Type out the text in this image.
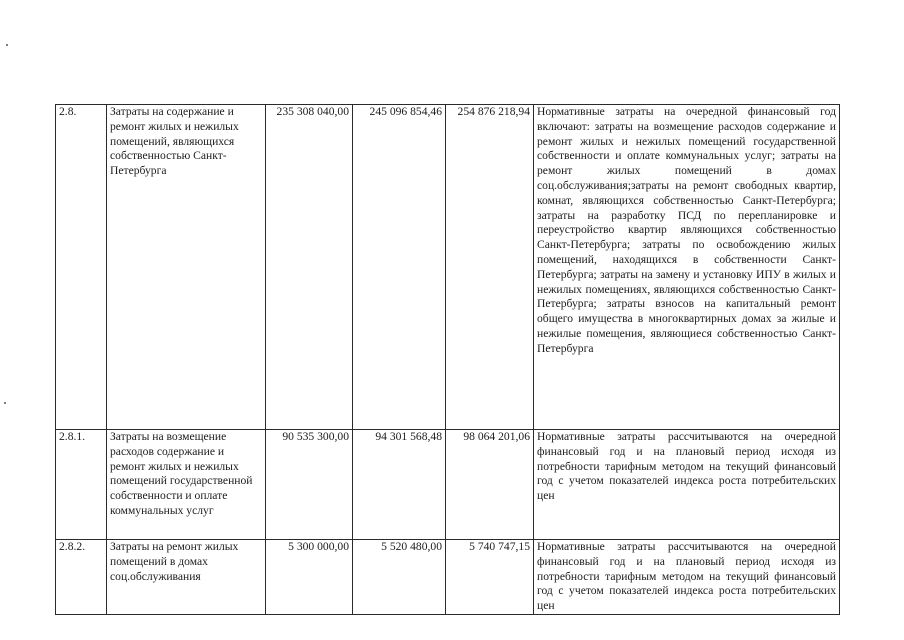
2.8.	Затраты на содержание и ремонт жилых и нежилых помещений, являющихся собственностью Санкт-Петербурга	235 308 040,00	245 096 854,46	254 876 218,94	Нормативные затраты на очередной финансовый год включают: затраты на возмещение расходов содержание и ремонт жилых и нежилых помещений государственной собственности и оплате коммунальных услуг; затраты на ремонт жилых помещений в домах соц.обслуживания;затраты на ремонт свободных квартир, комнат, являющихся собственностью Санкт-Петербурга; затраты на разработку ПСД по перепланировке и переустройство квартир являющихся собственностью Санкт-Петербурга; затраты по освобождению жилых помещений, находящихся в собственности Санкт-Петербурга; затраты на замену и установку ИПУ в жилых и нежилых помещениях, являющихся собственностью Санкт-Петербурга; затраты взносов на капитальный ремонт общего имущества в многоквартирных домах за жилые и нежилые помещения, являющиеся собственностью Санкт-Петербурга
2.8.1.	Затраты на возмещение расходов содержание и ремонт жилых и нежилых помещений государственной собственности и оплате коммунальных услуг	90 535 300,00	94 301 568,48	98 064 201,06	Нормативные затраты рассчитываются на очередной финансовый год и на плановый период исходя из потребности тарифным методом на текущий финансовый год с учетом показателей индекса роста потребительских цен
2.8.2.	Затраты на ремонт жилых помещений в домах соц.обслуживания	5 300 000,00	5 520 480,00	5 740 747,15	Нормативные затраты рассчитываются на очередной финансовый год и на плановый период исходя из потребности тарифным методом на текущий финансовый год с учетом показателей индекса роста потребительских цен
